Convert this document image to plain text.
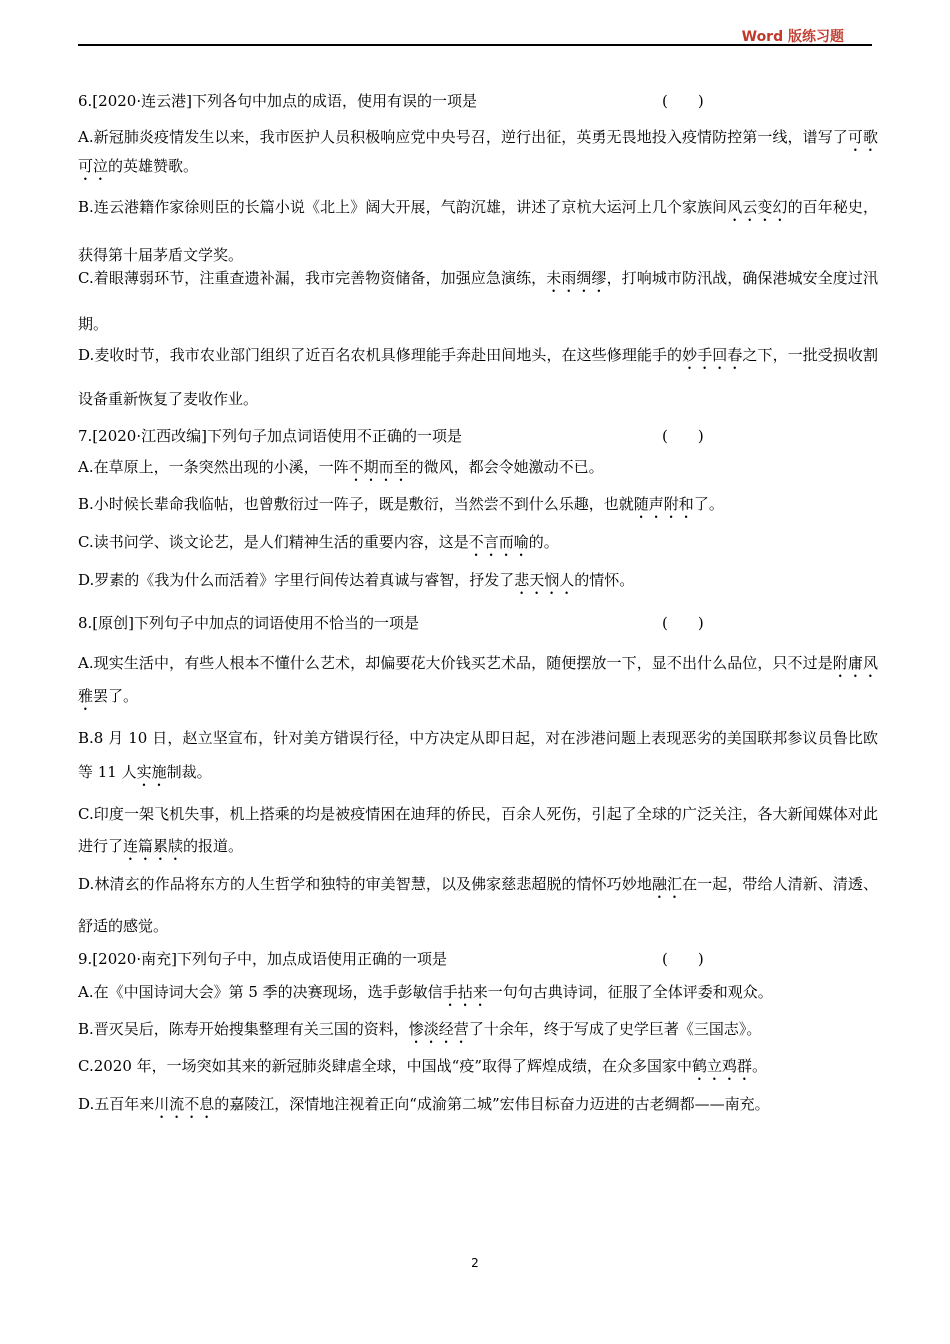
Word 版练习题
6.[2020·连云港]下列各句中加点的成语，使用有误的一项是	(　　)
A.新冠肺炎疫情发生以来，我市医护人员积极响应党中央号召，逆行出征，英勇无畏地投入疫情防控第一线，谱写了可歌可泣的英雄赞歌。
B.连云港籍作家徐则臣的长篇小说《北上》阔大开展，气韵沉雄，讲述了京杭大运河上几个家族间风云变幻的百年秘史，获得第十届茅盾文学奖。
C.着眼薄弱环节，注重查遗补漏，我市完善物资储备，加强应急演练，未雨绸缪，打响城市防汛战，确保港城安全度过汛期。
D.麦收时节，我市农业部门组织了近百名农机具修理能手奔赴田间地头，在这些修理能手的妙手回春之下，一批受损收割设备重新恢复了麦收作业。
7.[2020·江西改编]下列句子加点词语使用不正确的一项是	(　　)
A.在草原上，一条突然出现的小溪，一阵不期而至的微风，都会令她激动不已。
B.小时候长辈命我临帖，也曾敷衍过一阵子，既是敷衍，当然尝不到什么乐趣，也就随声附和了。
C.读书问学、谈文论艺，是人们精神生活的重要内容，这是不言而喻的。
D.罗素的《我为什么而活着》字里行间传达着真诚与睿智，抒发了悲天悯人的情怀。
8.[原创]下列句子中加点的词语使用不恰当的一项是	(　　)
A.现实生活中，有些人根本不懂什么艺术，却偏要花大价钱买艺术品，随便摆放一下，显不出什么品位，只不过是附庸风雅罢了。
B.8 月 10 日，赵立坚宣布，针对美方错误行径，中方决定从即日起，对在涉港问题上表现恶劣的美国联邦参议员鲁比欧等 11 人实施制裁。
C.印度一架飞机失事，机上搭乘的均是被疫情困在迪拜的侨民，百余人死伤，引起了全球的广泛关注，各大新闻媒体对此进行了连篇累牍的报道。
D.林清玄的作品将东方的人生哲学和独特的审美智慧，以及佛家慈悲超脱的情怀巧妙地融汇在一起，带给人清新、清透、舒适的感觉。
9.[2020·南充]下列句子中，加点成语使用正确的一项是	(　　)
A.在《中国诗词大会》第 5 季的决赛现场，选手彭敏信手拈来一句句古典诗词，征服了全体评委和观众。
B.晋灭吴后，陈寿开始搜集整理有关三国的资料，惨淡经营了十余年，终于写成了史学巨著《三国志》。
C.2020 年，一场突如其来的新冠肺炎肆虐全球，中国战“疫”取得了辉煌成绩，在众多国家中鹤立鸡群。
D.五百年来川流不息的嘉陵江，深情地注视着正向“成渝第二城”宏伟目标奋力迈进的古老绸都——南充。
2
